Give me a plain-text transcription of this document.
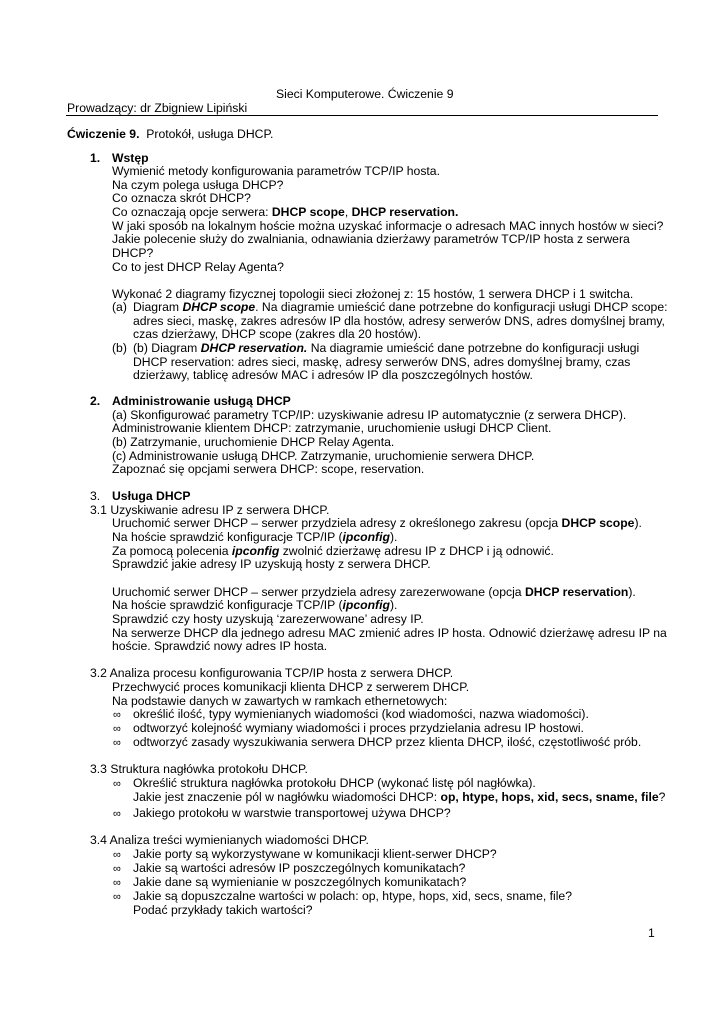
Sieci Komputerowe. Ćwiczenie 9
Prowadzący: dr Zbigniew Lipiński
Ćwiczenie 9. Protokół, usługa DHCP.
1. Wstęp
Wymienić metody konfigurowania parametrów TCP/IP hosta.
Na czym polega usługa DHCP?
Co oznacza skrót DHCP?
Co oznaczają opcje serwera: DHCP scope, DHCP reservation.
W jaki sposób na lokalnym hoście można uzyskać informacje o adresach MAC innych hostów w sieci?
Jakie polecenie służy do zwalniania, odnawiania dzierżawy parametrów TCP/IP hosta z serwera
DHCP?
Co to jest DHCP Relay Agenta?
Wykonać 2 diagramy fizycznej topologii sieci złożonej z: 15 hostów, 1 serwera DHCP i 1 switcha.
(a) Diagram DHCP scope. Na diagramie umieścić dane potrzebne do konfiguracji usługi DHCP scope:
adres sieci, maskę, zakres adresów IP dla hostów, adresy serwerów DNS, adres domyślnej bramy,
czas dzierżawy, DHCP scope (zakres dla 20 hostów).
(b) (b) Diagram DHCP reservation. Na diagramie umieścić dane potrzebne do konfiguracji usługi
DHCP reservation: adres sieci, maskę, adresy serwerów DNS, adres domyślnej bramy, czas
dzierżawy, tablicę adresów MAC i adresów IP dla poszczególnych hostów.
2. Administrowanie usługą DHCP
(a) Skonfigurować parametry TCP/IP: uzyskiwanie adresu IP automatycznie (z serwera DHCP).
Administrowanie klientem DHCP: zatrzymanie, uruchomienie usługi DHCP Client.
(b) Zatrzymanie, uruchomienie DHCP Relay Agenta.
(c) Administrowanie usługą DHCP. Zatrzymanie, uruchomienie serwera DHCP.
Zapoznać się opcjami serwera DHCP: scope, reservation.
3. Usługa DHCP
3.1 Uzyskiwanie adresu IP z serwera DHCP.
Uruchomić serwer DHCP – serwer przydziela adresy z określonego zakresu (opcja DHCP scope).
Na hoście sprawdzić konfiguracje TCP/IP (ipconfig).
Za pomocą polecenia ipconfig zwolnić dzierżawę adresu IP z DHCP i ją odnowić.
Sprawdzić jakie adresy IP uzyskują hosty z serwera DHCP.
Uruchomić serwer DHCP – serwer przydziela adresy zarezerwowane (opcja DHCP reservation).
Na hoście sprawdzić konfiguracje TCP/IP (ipconfig).
Sprawdzić czy hosty uzyskują ‘zarezerwowane’ adresy IP.
Na serwerze DHCP dla jednego adresu MAC zmienić adres IP hosta. Odnowić dzierżawę adresu IP na
hoście. Sprawdzić nowy adres IP hosta.
3.2 Analiza procesu konfigurowania TCP/IP hosta z serwera DHCP.
Przechwycić proces komunikacji klienta DHCP z serwerem DHCP.
Na podstawie danych w zawartych w ramkach ethernetowych:
∞ określić ilość, typy wymienianych wiadomości (kod wiadomości, nazwa wiadomości).
∞ odtworzyć kolejność wymiany wiadomości i proces przydzielania adresu IP hostowi.
∞ odtworzyć zasady wyszukiwania serwera DHCP przez klienta DHCP, ilość, częstotliwość prób.
3.3 Struktura nagłówka protokołu DHCP.
∞ Określić struktura nagłówka protokołu DHCP (wykonać listę pól nagłówka).
Jakie jest znaczenie pól w nagłówku wiadomości DHCP: op, htype, hops, xid, secs, sname, file?
∞ Jakiego protokołu w warstwie transportowej używa DHCP?
3.4 Analiza treści wymienianych wiadomości DHCP.
∞ Jakie porty są wykorzystywane w komunikacji klient-serwer DHCP?
∞ Jakie są wartości adresów IP poszczególnych komunikatach?
∞ Jakie dane są wymienianie w poszczególnych komunikatach?
∞ Jakie są dopuszczalne wartości w polach: op, htype, hops, xid, secs, sname, file?
Podać przykłady takich wartości?
1
